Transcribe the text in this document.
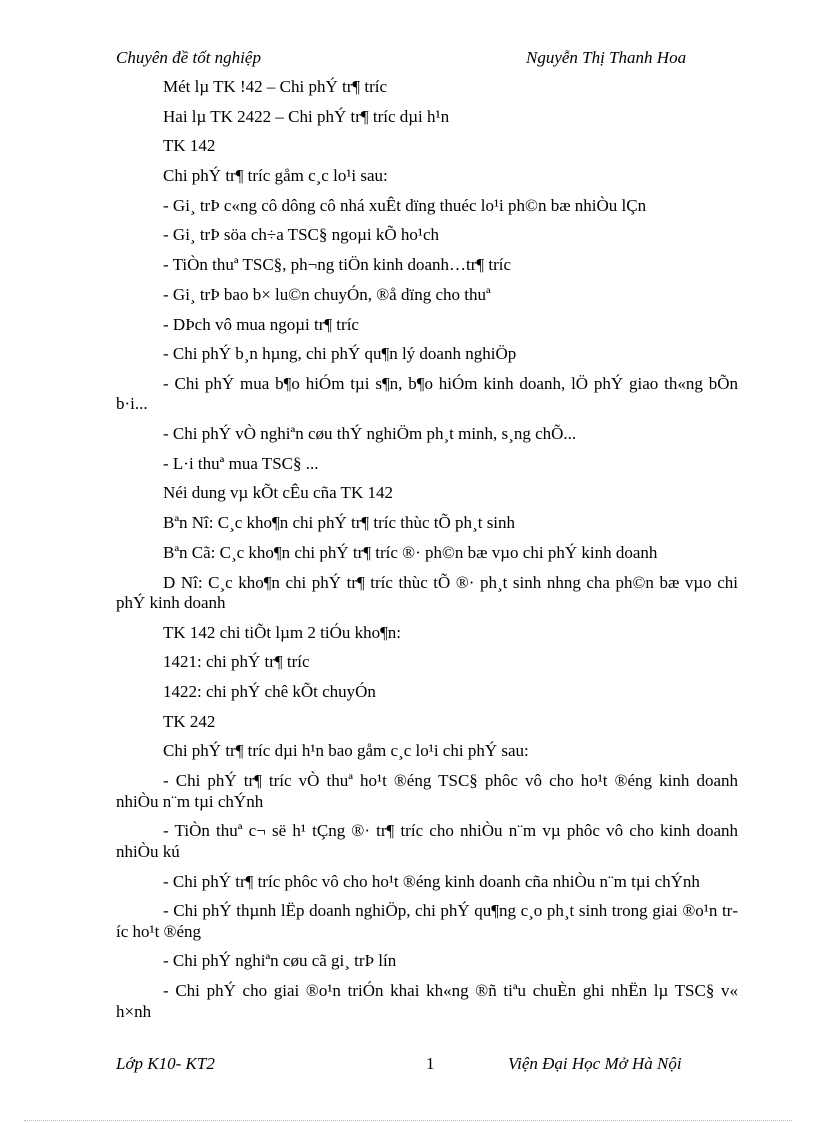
Chuyên đề tốt nghiệp	Nguyễn Thị Thanh Hoa

Mét lµ TK !42 – Chi phÝ tr¶ tríc

Hai lµ TK 2422 – Chi phÝ tr¶ tríc dµi h¹n

TK 142

Chi phÝ tr¶ tríc gåm c¸c lo¹i sau:

- Gi¸ trÞ c«ng cô dông cô nhá xuÊt dïng thuéc lo¹i ph©n bæ nhiÒu lÇn

- Gi¸ trÞ söa ch÷a TSC§ ngoµi kÕ ho¹ch

- TiÒn thuª TSC§, ph¬ng tiÖn kinh doanh…tr¶ tríc

- Gi¸ trÞ bao b× lu©n chuyÓn, ®å dïng cho thuª

- DÞch vô mua ngoµi tr¶ tríc

- Chi phÝ b¸n hµng, chi phÝ qu¶n lý doanh nghiÖp

- Chi phÝ mua b¶o hiÓm tµi s¶n, b¶o hiÓm kinh doanh, lÖ phÝ giao th«ng bÕn b·i...

- Chi phÝ vÒ nghiªn cøu thÝ nghiÖm ph¸t minh, s¸ng chÕ...

- L·i thuª mua TSC§ ...

Néi dung vµ kÕt cÊu cña TK 142

Bªn Nî: C¸c kho¶n chi phÝ tr¶ tríc thùc tÕ ph¸t sinh

Bªn Cã: C¸c kho¶n chi phÝ tr¶ tríc ®· ph©n bæ vµo chi phÝ kinh doanh

D Nî: C¸c kho¶n chi phÝ tr¶ tríc thùc tÕ ®· ph¸t sinh nhng cha ph©n bæ vµo chi phÝ kinh doanh

TK 142 chi tiÕt lµm 2 tiÓu kho¶n:

1421: chi phÝ tr¶ tríc

1422: chi phÝ chê kÕt chuyÓn

TK 242

Chi phÝ tr¶ tríc dµi h¹n bao gåm c¸c lo¹i chi phÝ sau:

- Chi phÝ tr¶ tríc vÒ thuª ho¹t ®éng TSC§ phôc vô cho ho¹t ®éng kinh doanh nhiÒu n¨m tµi chÝnh

- TiÒn thuª c¬ së h¹ tÇng ®· tr¶ tríc cho nhiÒu n¨m vµ phôc vô cho kinh doanh nhiÒu kú

- Chi phÝ tr¶ tríc phôc vô cho ho¹t ®éng kinh doanh cña nhiÒu n¨m tµi chÝnh

- Chi phÝ thµnh lËp doanh nghiÖp, chi phÝ qu¶ng c¸o ph¸t sinh trong giai ®o¹n tríc ho¹t ®éng

- Chi phÝ nghiªn cøu cã gi¸ trÞ lín

- Chi phÝ cho giai ®o¹n triÓn khai kh«ng ®ñ tiªu chuÈn ghi nhËn lµ TSC§ v« h×nh

Lớp K10- KT2	1	Viện Đại Học Mở Hà Nội
